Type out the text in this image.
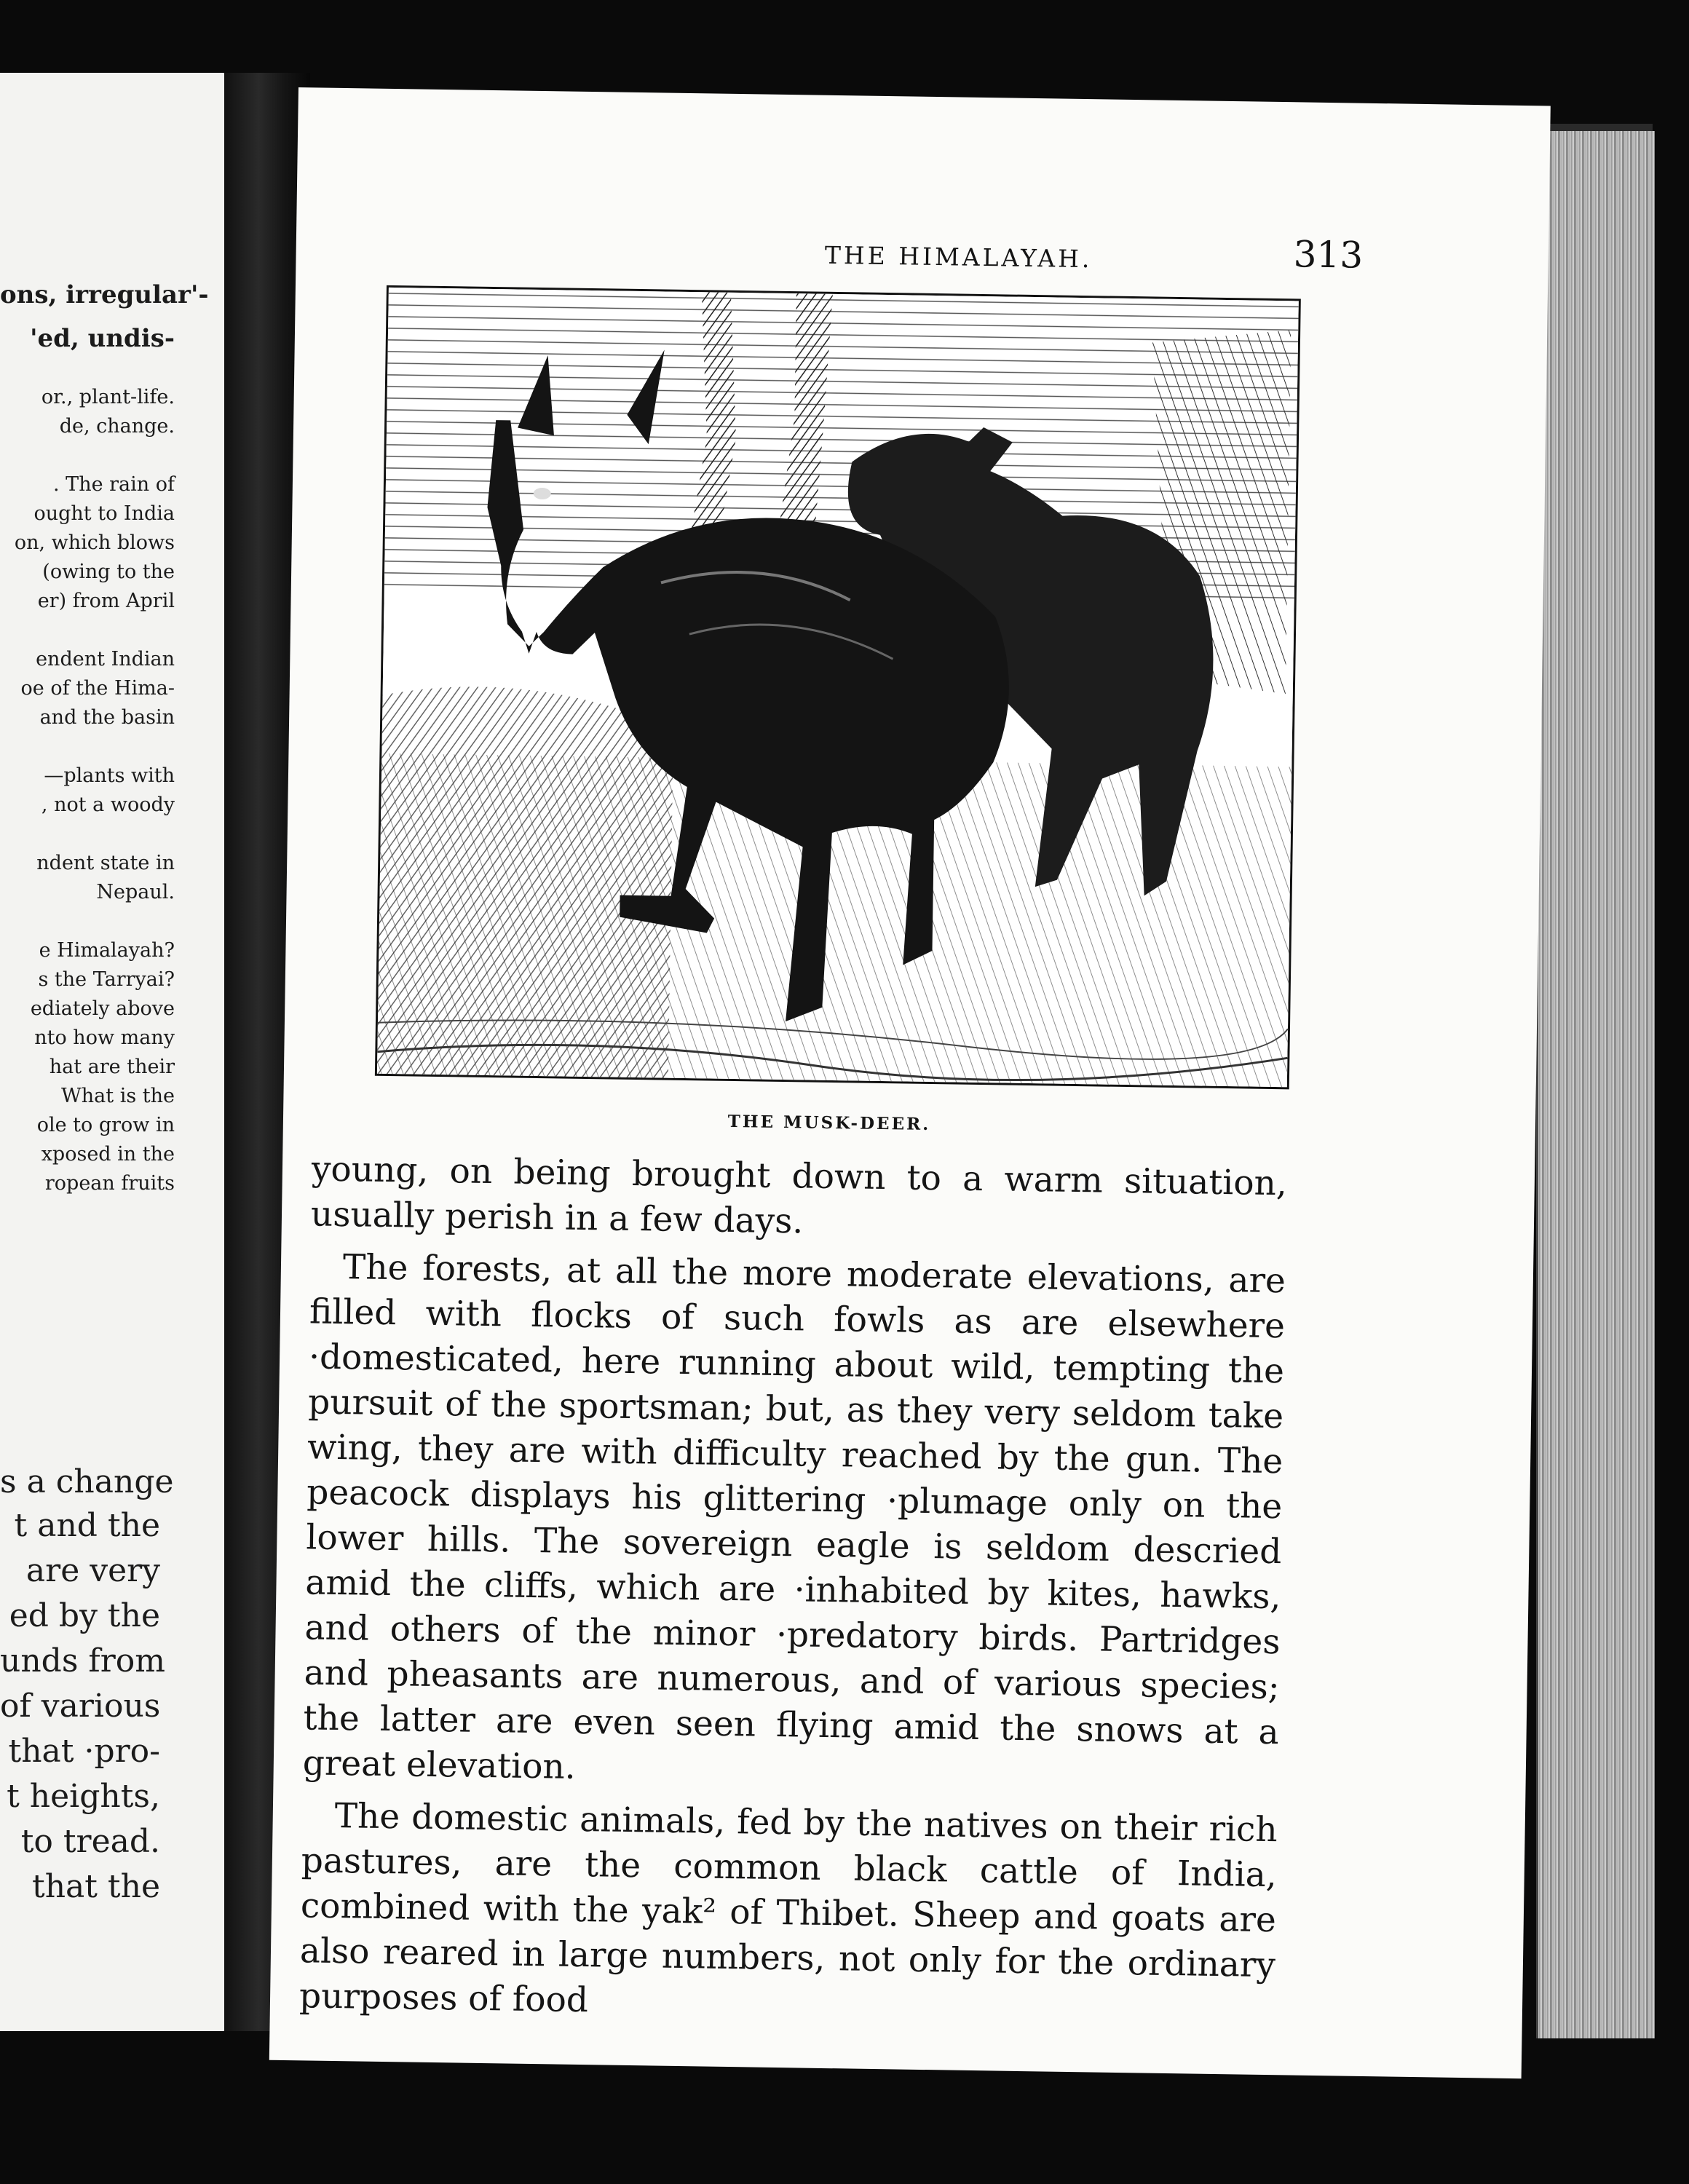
ons, irregular'-
'ed, undis-
or., plant-life.
de, change.
. The rain of
ought to India
on, which blows
(owing to the
er) from April
endent Indian
oe of the Hima-
and the basin
—plants with
, not a woody
ndent state in
Nepaul.
e Himalayah?
s the Tarryai?
ediately above
nto how many
hat are their
What is the
ole to grow in
xposed in the
ropean fruits
s a change
t and the
are very
ed by the
unds from
of various
that ·pro-
t heights,
to tread.
that the
THE HIMALAYAH.	313
THE MUSK-DEER.

young, on being brought down to a warm situation, usually perish in a few days.

The forests, at all the more moderate elevations, are filled with flocks of such fowls as are elsewhere ·domesticated, here running about wild, tempting the pursuit of the sportsman; but, as they very seldom take wing, they are with difficulty reached by the gun. The peacock displays his glittering ·plumage only on the lower hills. The sovereign eagle is seldom descried amid the cliffs, which are ·inhabited by kites, hawks, and others of the minor ·predatory birds. Partridges and pheasants are numerous, and of various species; the latter are even seen flying amid the snows at a great elevation.

The domestic animals, fed by the natives on their rich pastures, are the common black cattle of India, combined with the yak² of Thibet. Sheep and goats are also reared in large numbers, not only for the ordinary purposes of food
